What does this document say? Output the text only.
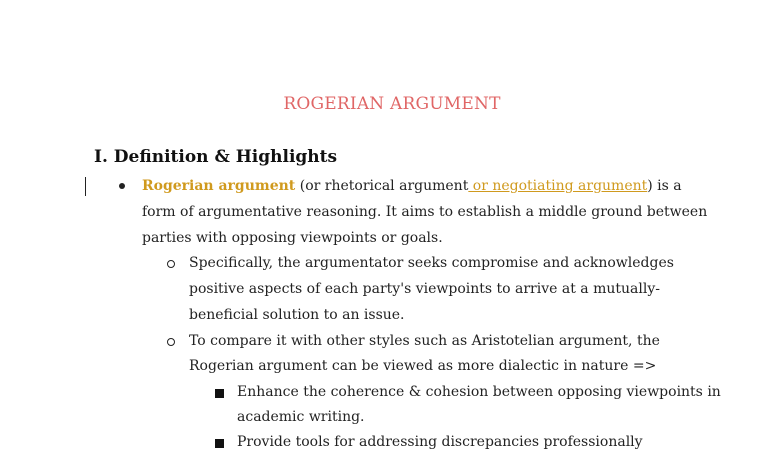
ROGERIAN ARGUMENT
I. Definition & Highlights
Rogerian argument (or rhetorical argument or negotiating argument) is a
form of argumentative reasoning. It aims to establish a middle ground between
parties with opposing viewpoints or goals.
Specifically, the argumentator seeks compromise and acknowledges
positive aspects of each party's viewpoints to arrive at a mutually-
beneficial solution to an issue.
To compare it with other styles such as Aristotelian argument, the
Rogerian argument can be viewed as more dialectic in nature =>
Enhance the coherence & cohesion between opposing viewpoints in
academic writing.
Provide tools for addressing discrepancies professionally
